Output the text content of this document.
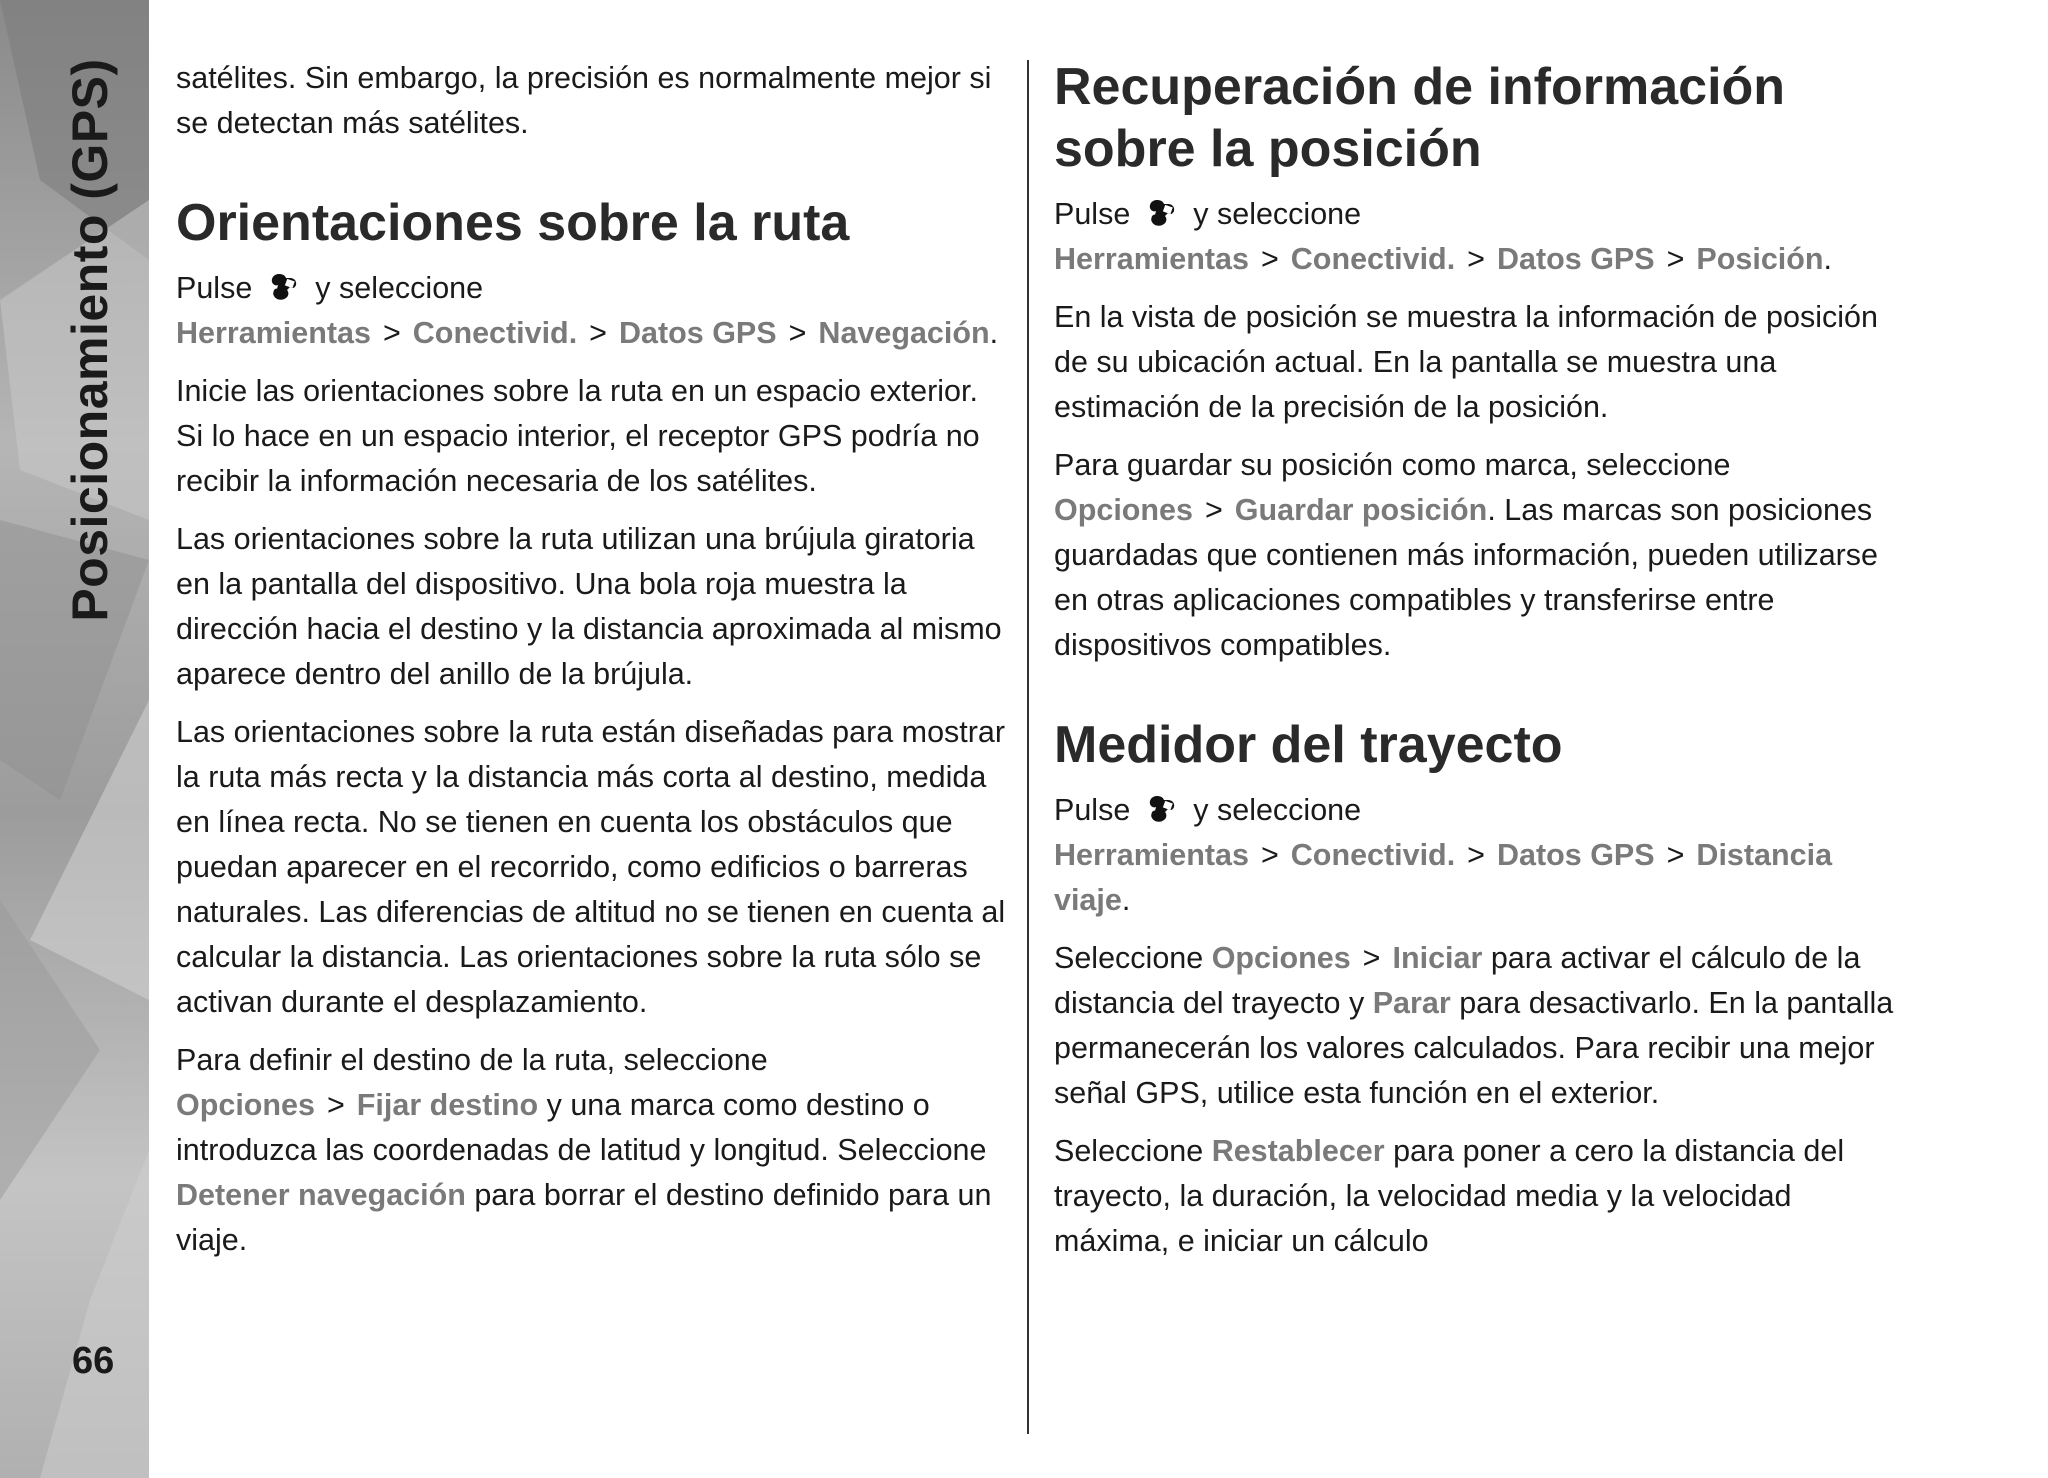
Posicionamiento (GPS)
66

satélites. Sin embargo, la precisión es normalmente mejor si se detectan más satélites.

Orientaciones sobre la ruta

Pulse  y seleccione Herramientas > Conectivid. > Datos GPS > Navegación.

Inicie las orientaciones sobre la ruta en un espacio exterior. Si lo hace en un espacio interior, el receptor GPS podría no recibir la información necesaria de los satélites.

Las orientaciones sobre la ruta utilizan una brújula giratoria en la pantalla del dispositivo. Una bola roja muestra la dirección hacia el destino y la distancia aproximada al mismo aparece dentro del anillo de la brújula.

Las orientaciones sobre la ruta están diseñadas para mostrar la ruta más recta y la distancia más corta al destino, medida en línea recta. No se tienen en cuenta los obstáculos que puedan aparecer en el recorrido, como edificios o barreras naturales. Las diferencias de altitud no se tienen en cuenta al calcular la distancia. Las orientaciones sobre la ruta sólo se activan durante el desplazamiento.

Para definir el destino de la ruta, seleccione Opciones > Fijar destino y una marca como destino o introduzca las coordenadas de latitud y longitud. Seleccione Detener navegación para borrar el destino definido para un viaje.

Recuperación de información sobre la posición

Pulse  y seleccione Herramientas > Conectivid. > Datos GPS > Posición.

En la vista de posición se muestra la información de posición de su ubicación actual. En la pantalla se muestra una estimación de la precisión de la posición.

Para guardar su posición como marca, seleccione Opciones > Guardar posición. Las marcas son posiciones guardadas que contienen más información, pueden utilizarse en otras aplicaciones compatibles y transferirse entre dispositivos compatibles.

Medidor del trayecto

Pulse  y seleccione Herramientas > Conectivid. > Datos GPS > Distancia viaje.

Seleccione Opciones > Iniciar para activar el cálculo de la distancia del trayecto y Parar para desactivarlo. En la pantalla permanecerán los valores calculados. Para recibir una mejor señal GPS, utilice esta función en el exterior.

Seleccione Restablecer para poner a cero la distancia del trayecto, la duración, la velocidad media y la velocidad máxima, e iniciar un cálculo
